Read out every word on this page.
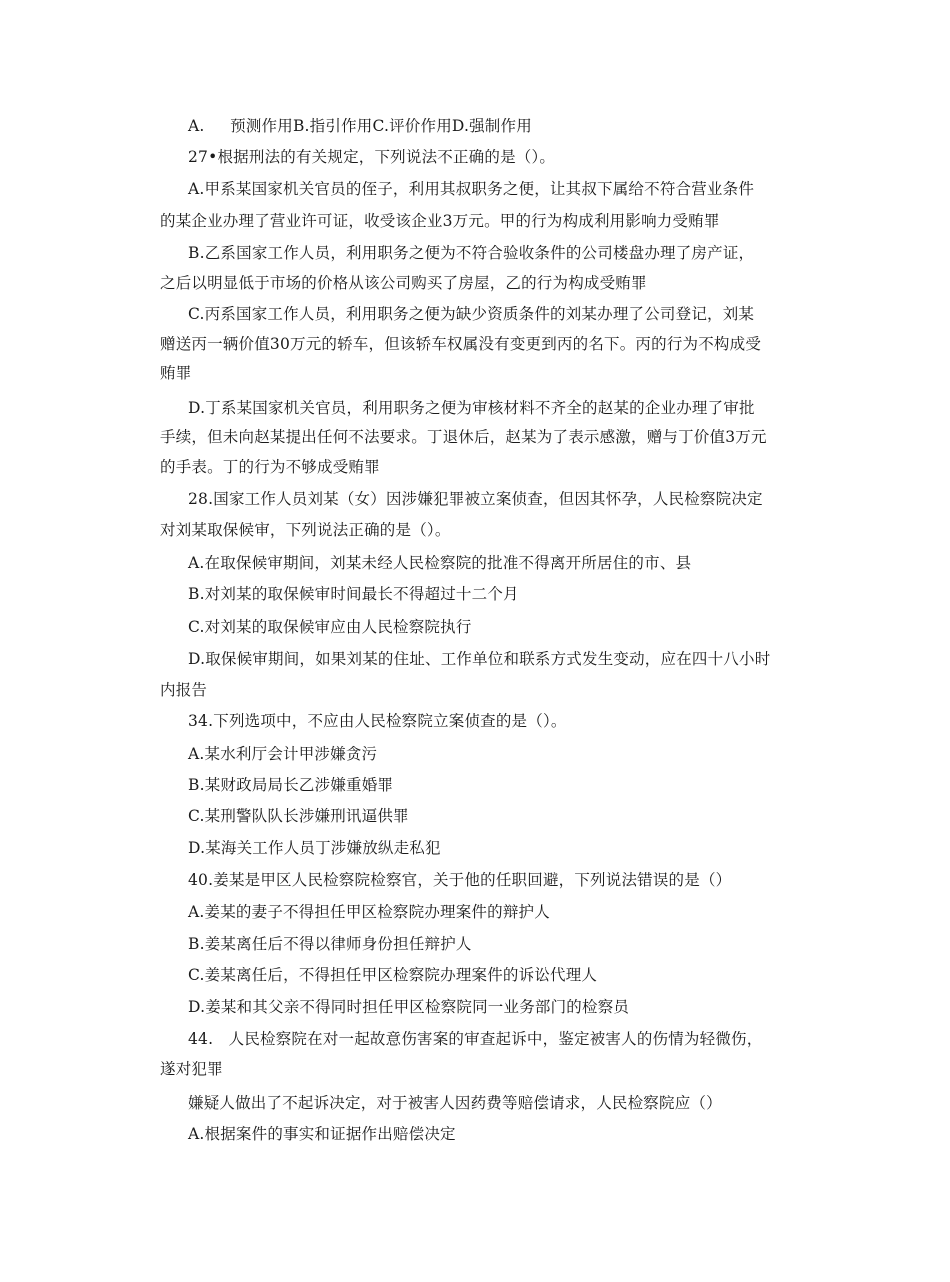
A.     预测作用B.指引作用C.评价作用D.强制作用
27•根据刑法的有关规定，下列说法不正确的是（）。
A.甲系某国家机关官员的侄子，利用其叔职务之便，让其叔下属给不符合营业条件
的某企业办理了营业许可证，收受该企业3万元。甲的行为构成利用影响力受贿罪
B.乙系国家工作人员，利用职务之便为不符合验收条件的公司楼盘办理了房产证，
之后以明显低于市场的价格从该公司购买了房屋，乙的行为构成受贿罪
C.丙系国家工作人员，利用职务之便为缺少资质条件的刘某办理了公司登记，刘某
赠送丙一辆价值30万元的轿车，但该轿车权属没有变更到丙的名下。丙的行为不构成受
贿罪
D.丁系某国家机关官员，利用职务之便为审核材料不齐全的赵某的企业办理了审批
手续，但未向赵某提出任何不法要求。丁退休后，赵某为了表示感激，赠与丁价值3万元
的手表。丁的行为不够成受贿罪
28.国家工作人员刘某（女）因涉嫌犯罪被立案侦查，但因其怀孕，人民检察院决定
对刘某取保候审，下列说法正确的是（）。
A.在取保候审期间，刘某未经人民检察院的批准不得离开所居住的市、县
B.对刘某的取保候审时间最长不得超过十二个月
C.对刘某的取保候审应由人民检察院执行
D.取保候审期间，如果刘某的住址、工作单位和联系方式发生变动，应在四十八小时
内报告
34.下列选项中，不应由人民检察院立案侦查的是（）。
A.某水利厅会计甲涉嫌贪污
B.某财政局局长乙涉嫌重婚罪
C.某刑警队队长涉嫌刑讯逼供罪
D.某海关工作人员丁涉嫌放纵走私犯
40.姜某是甲区人民检察院检察官，关于他的任职回避，下列说法错误的是（）
A.姜某的妻子不得担任甲区检察院办理案件的辩护人
B.姜某离任后不得以律师身份担任辩护人
C.姜某离任后，不得担任甲区检察院办理案件的诉讼代理人
D.姜某和其父亲不得同时担任甲区检察院同一业务部门的检察员
44.   人民检察院在对一起故意伤害案的审查起诉中，鉴定被害人的伤情为轻微伤，
遂对犯罪
嫌疑人做出了不起诉决定，对于被害人因药费等赔偿请求，人民检察院应（）
A.根据案件的事实和证据作出赔偿决定
